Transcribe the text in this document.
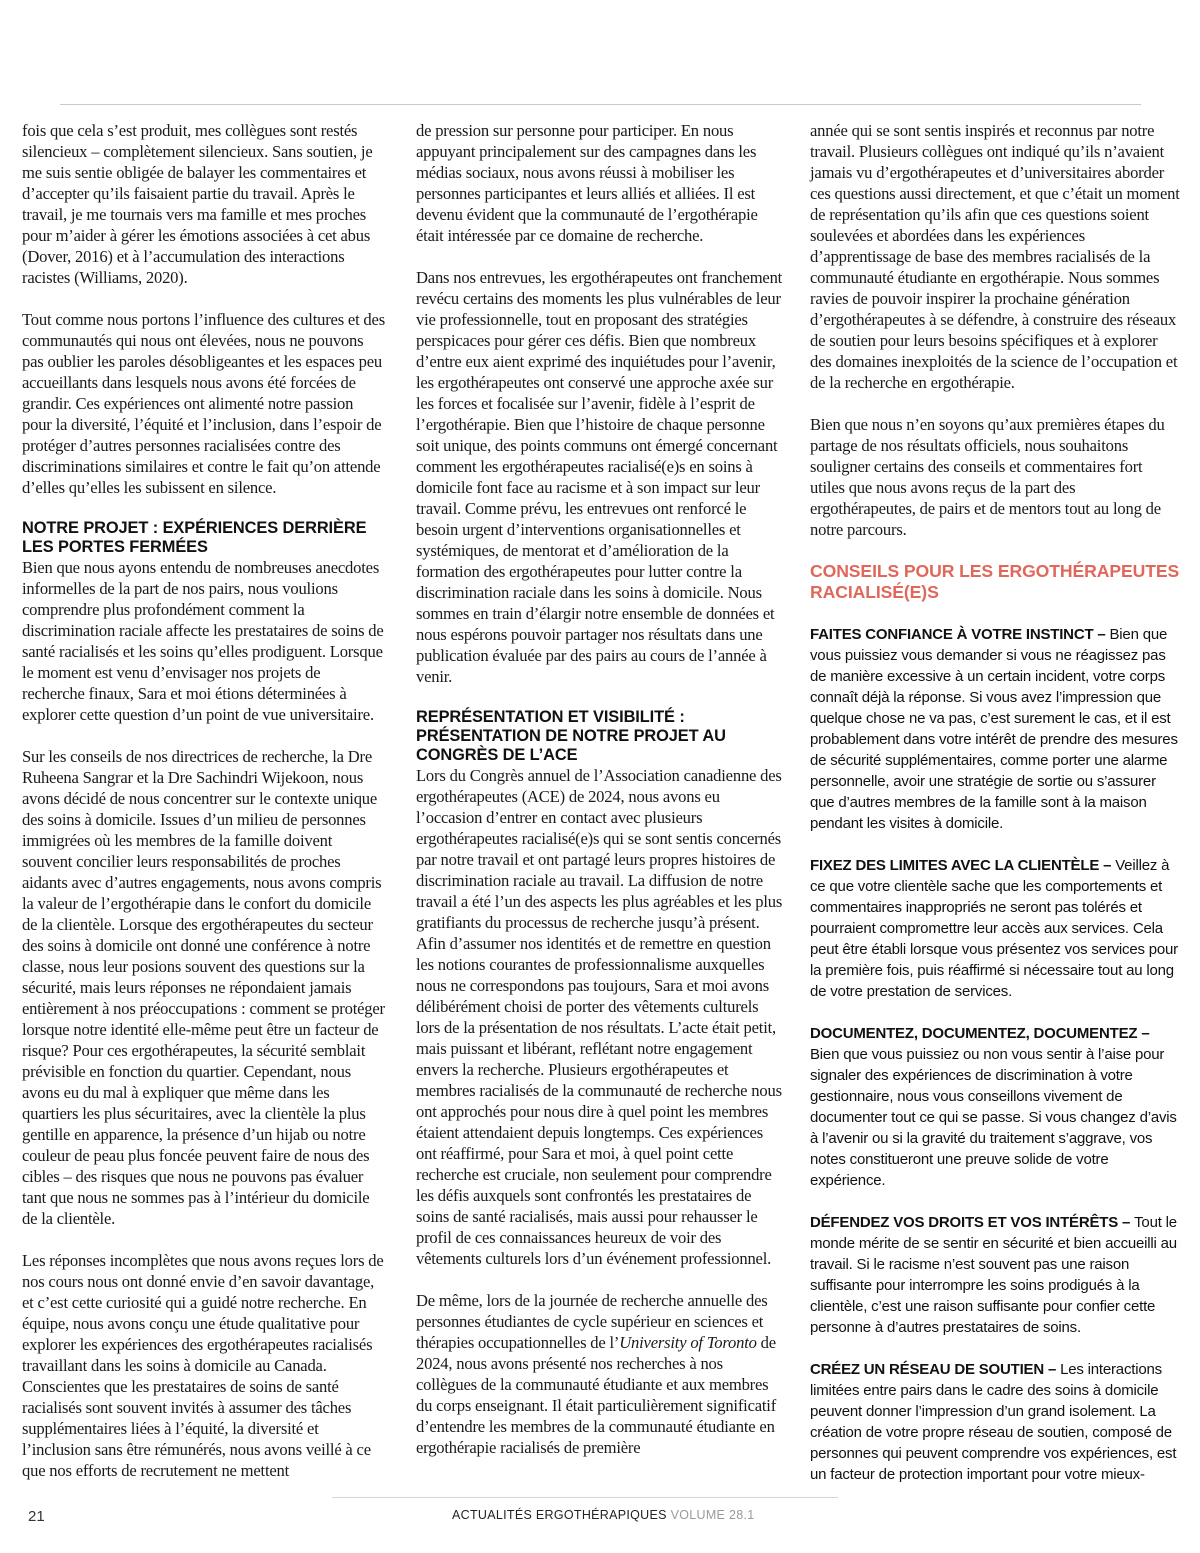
fois que cela s’est produit, mes collègues sont restés silencieux – complètement silencieux. Sans soutien, je me suis sentie obligée de balayer les commentaires et d’accepter qu’ils faisaient partie du travail. Après le travail, je me tournais vers ma famille et mes proches pour m’aider à gérer les émotions associées à cet abus (Dover, 2016) et à l’accumulation des interactions racistes (Williams, 2020).

Tout comme nous portons l’influence des cultures et des communautés qui nous ont élevées, nous ne pouvons pas oublier les paroles désobligeantes et les espaces peu accueillants dans lesquels nous avons été forcées de grandir. Ces expériences ont alimenté notre passion pour la diversité, l’équité et l’inclusion, dans l’espoir de protéger d’autres personnes racialisées contre des discriminations similaires et contre le fait qu’on attende d’elles qu’elles les subissent en silence.

NOTRE PROJET : EXPÉRIENCES DERRIÈRE LES PORTES FERMÉES

Bien que nous ayons entendu de nombreuses anecdotes informelles de la part de nos pairs, nous voulions comprendre plus profondément comment la discrimination raciale affecte les prestataires de soins de santé racialisés et les soins qu’elles prodiguent. Lorsque le moment est venu d’envisager nos projets de recherche finaux, Sara et moi étions déterminées à explorer cette question d’un point de vue universitaire.

Sur les conseils de nos directrices de recherche, la Dre Ruheena Sangrar et la Dre Sachindri Wijekoon, nous avons décidé de nous concentrer sur le contexte unique des soins à domicile. Issues d’un milieu de personnes immigrées où les membres de la famille doivent souvent concilier leurs responsabilités de proches aidants avec d’autres engagements, nous avons compris la valeur de l’ergothérapie dans le confort du domicile de la clientèle. Lorsque des ergothérapeutes du secteur des soins à domicile ont donné une conférence à notre classe, nous leur posions souvent des questions sur la sécurité, mais leurs réponses ne répondaient jamais entièrement à nos préoccupations : comment se protéger lorsque notre identité elle-même peut être un facteur de risque? Pour ces ergothérapeutes, la sécurité semblait prévisible en fonction du quartier. Cependant, nous avons eu du mal à expliquer que même dans les quartiers les plus sécuritaires, avec la clientèle la plus gentille en apparence, la présence d’un hijab ou notre couleur de peau plus foncée peuvent faire de nous des cibles – des risques que nous ne pouvons pas évaluer tant que nous ne sommes pas à l’intérieur du domicile de la clientèle.

Les réponses incomplètes que nous avons reçues lors de nos cours nous ont donné envie d’en savoir davantage, et c’est cette curiosité qui a guidé notre recherche. En équipe, nous avons conçu une étude qualitative pour explorer les expériences des ergothérapeutes racialisés travaillant dans les soins à domicile au Canada. Conscientes que les prestataires de soins de santé racialisés sont souvent invités à assumer des tâches supplémentaires liées à l’équité, la diversité et l’inclusion sans être rémunérés, nous avons veillé à ce que nos efforts de recrutement ne mettent

de pression sur personne pour participer. En nous appuyant principalement sur des campagnes dans les médias sociaux, nous avons réussi à mobiliser les personnes participantes et leurs alliés et alliées. Il est devenu évident que la communauté de l’ergothérapie était intéressée par ce domaine de recherche.

Dans nos entrevues, les ergothérapeutes ont franchement revécu certains des moments les plus vulnérables de leur vie professionnelle, tout en proposant des stratégies perspicaces pour gérer ces défis. Bien que nombreux d’entre eux aient exprimé des inquiétudes pour l’avenir, les ergothérapeutes ont conservé une approche axée sur les forces et focalisée sur l’avenir, fidèle à l’esprit de l’ergothérapie. Bien que l’histoire de chaque personne soit unique, des points communs ont émergé concernant comment les ergothérapeutes racialisé(e)s en soins à domicile font face au racisme et à son impact sur leur travail. Comme prévu, les entrevues ont renforcé le besoin urgent d’interventions organisationnelles et systémiques, de mentorat et d’amélioration de la formation des ergothérapeutes pour lutter contre la discrimination raciale dans les soins à domicile. Nous sommes en train d’élargir notre ensemble de données et nous espérons pouvoir partager nos résultats dans une publication évaluée par des pairs au cours de l’année à venir.

REPRÉSENTATION ET VISIBILITÉ : PRÉSENTATION DE NOTRE PROJET AU CONGRÈS DE L’ACE

Lors du Congrès annuel de l’Association canadienne des ergothérapeutes (ACE) de 2024, nous avons eu l’occasion d’entrer en contact avec plusieurs ergothérapeutes racialisé(e)s qui se sont sentis concernés par notre travail et ont partagé leurs propres histoires de discrimination raciale au travail. La diffusion de notre travail a été l’un des aspects les plus agréables et les plus gratifiants du processus de recherche jusqu’à présent. Afin d’assumer nos identités et de remettre en question les notions courantes de professionnalisme auxquelles nous ne correspondons pas toujours, Sara et moi avons délibérément choisi de porter des vêtements culturels lors de la présentation de nos résultats. L’acte était petit, mais puissant et libérant, reflétant notre engagement envers la recherche. Plusieurs ergothérapeutes et membres racialisés de la communauté de recherche nous ont approchés pour nous dire à quel point les membres étaient attendaient depuis longtemps. Ces expériences ont réaffirmé, pour Sara et moi, à quel point cette recherche est cruciale, non seulement pour comprendre les défis auxquels sont confrontés les prestataires de soins de santé racialisés, mais aussi pour rehausser le profil de ces connaissances heureux de voir des vêtements culturels lors d’un événement professionnel.

De même, lors de la journée de recherche annuelle des personnes étudiantes de cycle supérieur en sciences et thérapies occupationnelles de l’University of Toronto de 2024, nous avons présenté nos recherches à nos collègues de la communauté étudiante et aux membres du corps enseignant. Il était particulièrement significatif d’entendre les membres de la communauté étudiante en ergothérapie racialisés de première

année qui se sont sentis inspirés et reconnus par notre travail. Plusieurs collègues ont indiqué qu’ils n’avaient jamais vu d’ergothérapeutes et d’universitaires aborder ces questions aussi directement, et que c’était un moment de représentation qu’ils afin que ces questions soient soulevées et abordées dans les expériences d’apprentissage de base des membres racialisés de la communauté étudiante en ergothérapie. Nous sommes ravies de pouvoir inspirer la prochaine génération d’ergothérapeutes à se défendre, à construire des réseaux de soutien pour leurs besoins spécifiques et à explorer des domaines inexploités de la science de l’occupation et de la recherche en ergothérapie.

Bien que nous n’en soyons qu’aux premières étapes du partage de nos résultats officiels, nous souhaitons souligner certains des conseils et commentaires fort utiles que nous avons reçus de la part des ergothérapeutes, de pairs et de mentors tout au long de notre parcours.

CONSEILS POUR LES ERGOTHÉRAPEUTES RACIALISÉ(E)S

FAITES CONFIANCE À VOTRE INSTINCT – Bien que vous puissiez vous demander si vous ne réagissez pas de manière excessive à un certain incident, votre corps connaît déjà la réponse. Si vous avez l’impression que quelque chose ne va pas, c’est surement le cas, et il est probablement dans votre intérêt de prendre des mesures de sécurité supplémentaires, comme porter une alarme personnelle, avoir une stratégie de sortie ou s’assurer que d’autres membres de la famille sont à la maison pendant les visites à domicile.

FIXEZ DES LIMITES AVEC LA CLIENTÈLE – Veillez à ce que votre clientèle sache que les comportements et commentaires inappropriés ne seront pas tolérés et pourraient compromettre leur accès aux services. Cela peut être établi lorsque vous présentez vos services pour la première fois, puis réaffirmé si nécessaire tout au long de votre prestation de services.

DOCUMENTEZ, DOCUMENTEZ, DOCUMENTEZ – Bien que vous puissiez ou non vous sentir à l’aise pour signaler des expériences de discrimination à votre gestionnaire, nous vous conseillons vivement de documenter tout ce qui se passe. Si vous changez d’avis à l’avenir ou si la gravité du traitement s’aggrave, vos notes constitueront une preuve solide de votre expérience.

DÉFENDEZ VOS DROITS ET VOS INTÉRÊTS – Tout le monde mérite de se sentir en sécurité et bien accueilli au travail. Si le racisme n’est souvent pas une raison suffisante pour interrompre les soins prodigués à la clientèle, c’est une raison suffisante pour confier cette personne à d’autres prestataires de soins.

CRÉEZ UN RÉSEAU DE SOUTIEN – Les interactions limitées entre pairs dans le cadre des soins à domicile peuvent donner l’impression d’un grand isolement. La création de votre propre réseau de soutien, composé de personnes qui peuvent comprendre vos expériences, est un facteur de protection important pour votre mieux-

21	ACTUALITÉS ERGOTHÉRAPIQUES VOLUME 28.1
